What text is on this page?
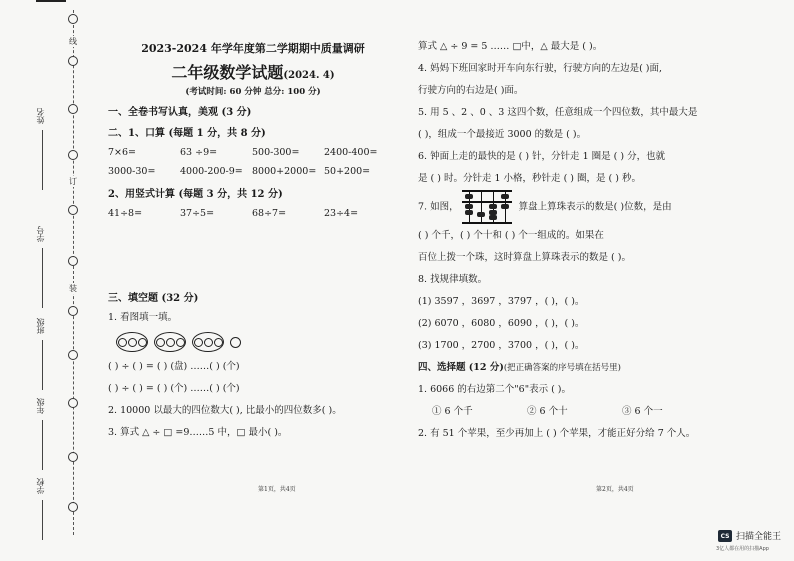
线
订
装
姓名
学号
班级
年级
学校

2023-2024 年学年度第二学期期中质量调研

二年级数学试题(2024. 4)

(考试时间: 60 分钟 总分: 100 分)

一、全卷书写认真，美观 (3 分)

二、1、口算 (每题 1 分，共 8 分)

7×6=	63 ÷9=	500-300=	2400-400=
3000-30=	4000-200-9= 8000+2000= 50+200=

2、用竖式计算 (每题 3 分，共 12 分)

41÷8=	37÷5=	68÷7=	23÷4=

三、填空题 (32 分)

1. 看图填一填。

( ) ÷ ( ) = ( ) (盘) ……( ) (个)

( ) ÷ ( ) = ( ) (个) ……( ) (个)

2. 10000 以最大的四位数大( ), 比最小的四位数多( )。

3. 算式 △ ÷ □ =9……5 中，□ 最小( )。

算式 △ ÷ 9 = 5 …… □中，△ 最大是 ( )。

4. 妈妈下班回家时开车向东行驶，行驶方向的左边是( )面,

行驶方向的右边是( )面。

5. 用 5 、2 、0 、3 这四个数，任意组成一个四位数，其中最大是

( )，组成一个最接近 3000 的数是 ( )。

6. 钟面上走的最快的是 ( ) 针，分针走 1 圈是 ( ) 分，也就

是 ( ) 时。分针走 1 小格，秒针走 ( ) 圈，是 ( ) 秒。

7. 如图，	算盘上算珠表示的数是( )位数，是由

( ) 个千，( ) 个十和 ( ) 个一组成的。如果在

百位上拨一个珠，这时算盘上算珠表示的数是 ( )。

8. 找规律填数。

(1) 3597 ，3697 ，3797 ，( )，( )。

(2) 6070 ，6080 ，6090 ，( )，( )。

(3) 1700 ，2700 ，3700 ，( )，( )。

四、选择题 (12 分)(把正确答案的序号填在括号里)

1. 6066 的右边第二个"6"表示 ( )。

① 6 个千	② 6 个十	③ 6 个一

2. 有 51 个苹果，至少再加上 ( ) 个苹果，才能正好分给 7 个人。

第1页，共4页	第2页，共4页
CS 扫描全能王
3亿人都在用的扫描App
